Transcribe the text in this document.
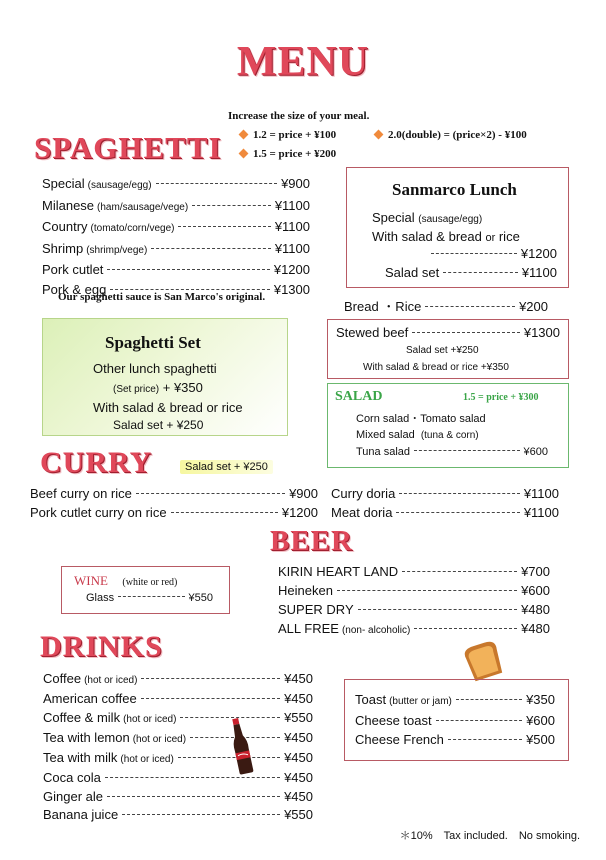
MENU
Increase the size of your meal.
1.2 = price + ¥100	2.0(double) = (price×2) - ¥100
1.5 = price + ¥200
SPAGHETTI
Special (sausage/egg)	¥900
Milanese (ham/sausage/vege)	¥1100
Country (tomato/corn/vege)	¥1100
Shrimp (shrimp/vege)	¥1100
Pork cutlet	¥1200
Pork & egg	¥1300
Our spaghetti sauce is San Marco's original.
Sanmarco Lunch
Special (sausage/egg)
With salad & bread or rice
¥1200
Salad set	¥1100
Bread ・Rice	¥200
Spaghetti Set
Other lunch spaghetti
(Set price) + ¥350
With salad & bread or rice
Salad set + ¥250
Stewed beef	¥1300
Salad set +¥250
With salad & bread or rice +¥350
SALAD	1.5 = price + ¥300
Corn salad・Tomato salad
Mixed salad (tuna & corn)
Tuna salad	¥600
CURRY	Salad set + ¥250
Beef curry on rice	¥900
Pork cutlet curry on rice	¥1200
Curry doria	¥1100
Meat doria	¥1100
BEER
KIRIN HEART LAND	¥700
Heineken	¥600
SUPER DRY	¥480
ALL FREE (non- alcoholic)	¥480
WINE (white or red)
Glass	¥550
DRINKS
Coffee (hot or iced)	¥450
American coffee	¥450
Coffee & milk (hot or iced)	¥550
Tea with lemon (hot or iced)	¥450
Tea with milk (hot or iced)	¥450
Coca cola	¥450
Ginger ale	¥450
Banana juice	¥550
Toast (butter or jam)	¥350
Cheese toast	¥600
Cheese French	¥500
＊10%　Tax included.　No smoking.
